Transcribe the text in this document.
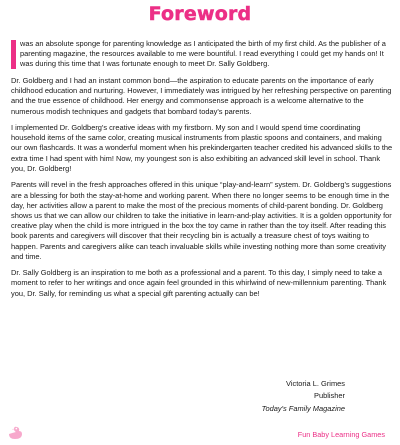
Foreword

was an absolute sponge for parenting knowledge as I anticipated the birth of my first child. As the publisher of a parenting magazine, the resources available to me were bountiful. I read everything I could get my hands on! It was during this time that I was fortunate enough to meet Dr. Sally Goldberg.

Dr. Goldberg and I had an instant common bond—the aspiration to educate parents on the importance of early childhood education and nurturing. However, I immediately was intrigued by her refreshing perspective on parenting and the true essence of childhood. Her energy and commonsense approach is a welcome alternative to the numerous modish techniques and gadgets that bombard today's parents.

I implemented Dr. Goldberg's creative ideas with my firstborn. My son and I would spend time coordinating household items of the same color, creating musical instruments from plastic spoons and containers, and making our own flashcards. It was a wonderful moment when his prekindergarten teacher credited his advanced skills to the extra time I had spent with him! Now, my youngest son is also exhibiting an advanced skill level in school. Thank you, Dr. Goldberg!

Parents will revel in the fresh approaches offered in this unique “play-and-learn” system. Dr. Goldberg's suggestions are a blessing for both the stay-at-home and working parent. When there no longer seems to be enough time in the day, her activities allow a parent to make the most of the precious moments of child-parent bonding. Dr. Goldberg shows us that we can allow our children to take the initiative in learn-and-play activities. It is a golden opportunity for creative play when the child is more intrigued in the box the toy came in rather than the toy itself. After reading this book parents and caregivers will discover that their recycling bin is actually a treasure chest of toys waiting to happen. Parents and caregivers alike can teach invaluable skills while investing nothing more than some creativity and time.

Dr. Sally Goldberg is an inspiration to me both as a professional and a parent. To this day, I simply need to take a moment to refer to her writings and once again feel grounded in this whirlwind of new-millennium parenting. Thank you, Dr. Sally, for reminding us what a special gift parenting actually can be!

Victoria L. Grimes
Publisher
Today's Family Magazine
Fun Baby Learning Games
